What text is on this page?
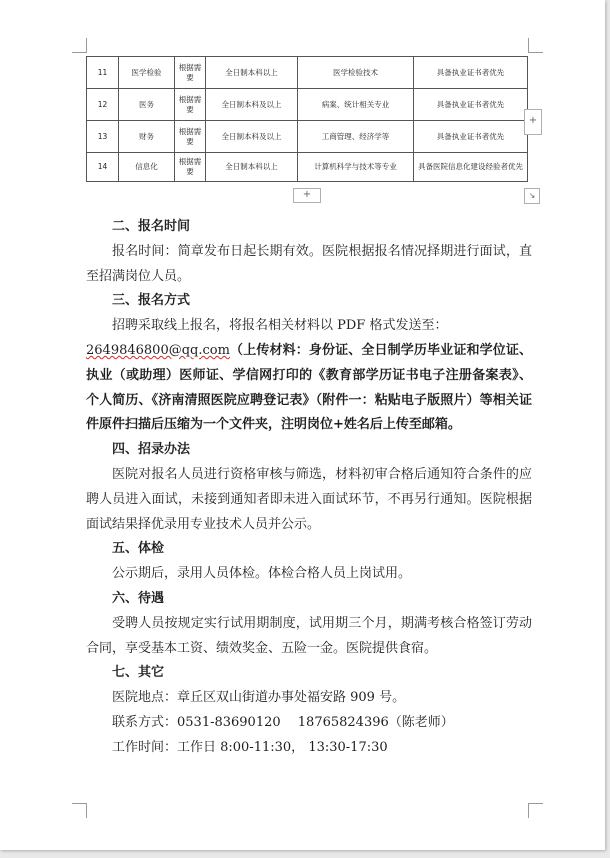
11	医学检验	根据需要	全日制本科以上	医学检验技术	具备执业证书者优先
12	医务	根据需要	全日制本科及以上	病案、统计相关专业	具备执业证书者优先
13	财务	根据需要	全日制本科及以上	工商管理、经济学等	具备执业证书者优先
14	信息化	根据需要	全日制本科以上	计算机科学与技术等专业	具备医院信息化建设经验者优先
+
+	↘

二、报名时间

报名时间：简章发布日起长期有效。医院根据报名情况择期进行面试，直至招满岗位人员。

三、报名方式

招聘采取线上报名，将报名相关材料以 PDF 格式发送至：

2649846800@qq.com（上传材料：身份证、全日制学历毕业证和学位证、执业（或助理）医师证、学信网打印的《教育部学历证书电子注册备案表》、个人简历、《济南清照医院应聘登记表》（附件一：粘贴电子版照片）等相关证件原件扫描后压缩为一个文件夹，注明岗位+姓名后上传至邮箱。

四、招录办法

医院对报名人员进行资格审核与筛选，材料初审合格后通知符合条件的应聘人员进入面试，未接到通知者即未进入面试环节，不再另行通知。医院根据面试结果择优录用专业技术人员并公示。

五、体检

公示期后，录用人员体检。体检合格人员上岗试用。

六、待遇

受聘人员按规定实行试用期制度，试用期三个月，期满考核合格签订劳动合同，享受基本工资、绩效奖金、五险一金。医院提供食宿。

七、其它

医院地点：章丘区双山街道办事处福安路 909 号。

联系方式：0531-83690120　 18765824396（陈老师）

工作时间：工作日 8:00-11:30， 13:30-17:30
